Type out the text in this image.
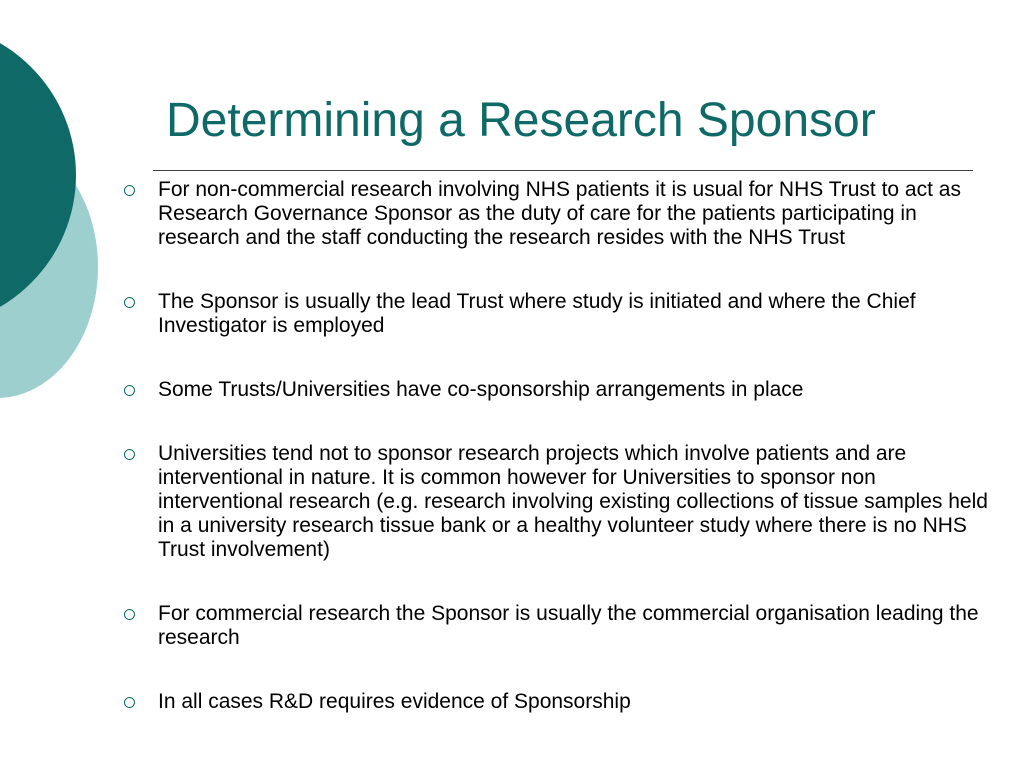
Determining a Research Sponsor
For non-commercial research involving NHS patients it is usual for NHS Trust to act as Research Governance Sponsor as the duty of care for the patients participating in research and the staff conducting the research resides with the NHS Trust
The Sponsor is usually the lead Trust where study is initiated and where the Chief Investigator is employed
Some Trusts/Universities have co-sponsorship arrangements in place
Universities tend not to sponsor research projects which involve patients and are interventional in nature. It is common however for Universities to sponsor non interventional research (e.g. research involving existing collections of tissue samples held in a university research tissue bank or a healthy volunteer study where there is no NHS Trust involvement)
For commercial research the Sponsor is usually the commercial organisation leading the research
In all cases R&D requires evidence of Sponsorship
